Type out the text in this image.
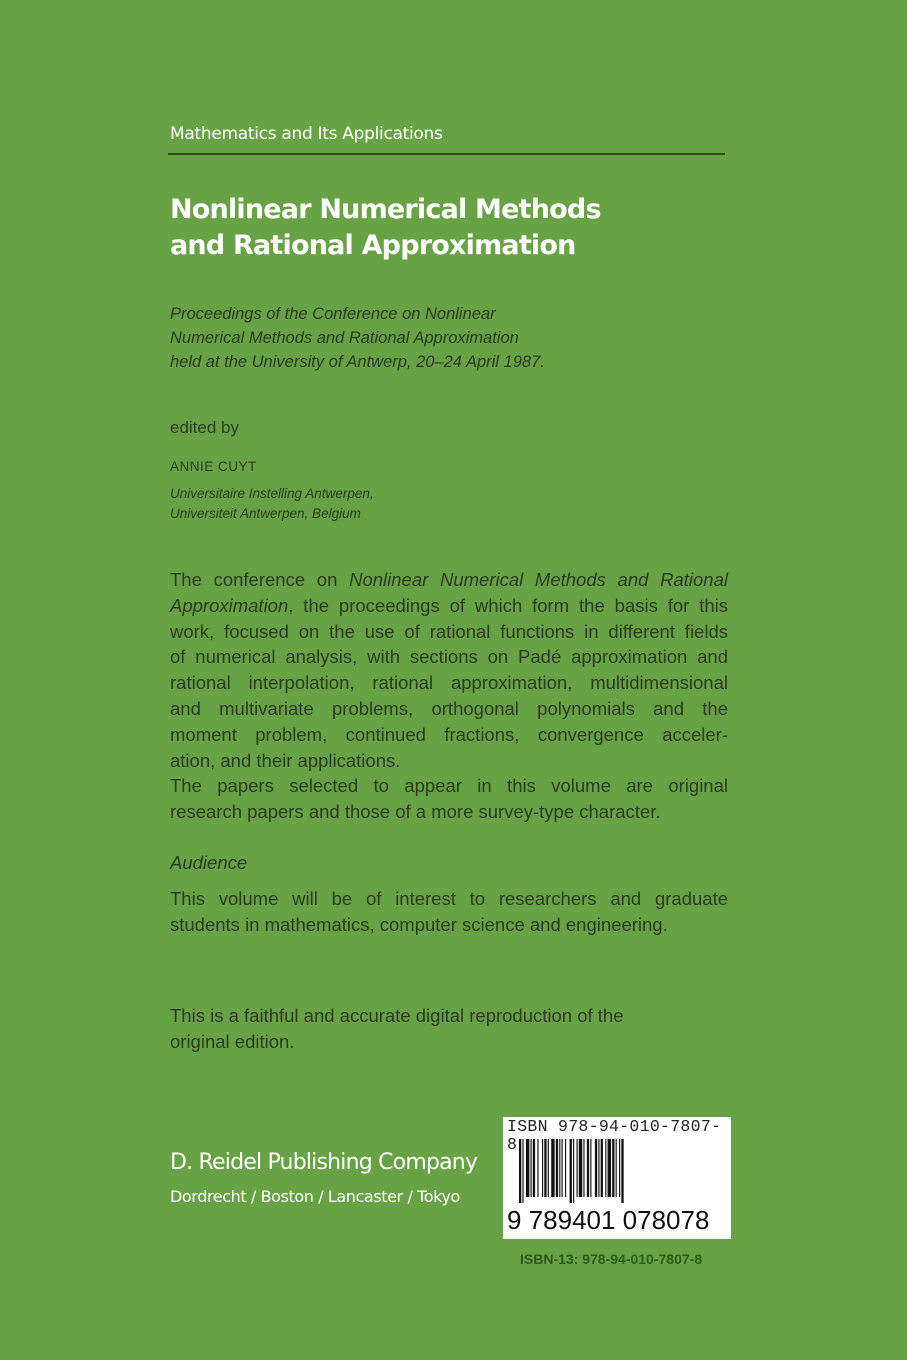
Mathematics and Its Applications
Nonlinear Numerical Methods
and Rational Approximation
Proceedings of the Conference on Nonlinear
Numerical Methods and Rational Approximation
held at the University of Antwerp, 20–24 April 1987.
edited by
ANNIE CUYT
Universitaire Instelling Antwerpen,
Universiteit Antwerpen, Belgium
The conference on Nonlinear Numerical Methods and Rational
Approximation, the proceedings of which form the basis for this
work, focused on the use of rational functions in different fields
of numerical analysis, with sections on Padé approximation and
rational interpolation, rational approximation, multidimensional
and multivariate problems, orthogonal polynomials and the
moment problem, continued fractions, convergence acceler-
ation, and their applications.
The papers selected to appear in this volume are original
research papers and those of a more survey-type character.
Audience
This volume will be of interest to researchers and graduate
students in mathematics, computer science and engineering.
This is a faithful and accurate digital reproduction of the
original edition.
D. Reidel Publishing Company
Dordrecht / Boston / Lancaster / Tokyo
ISBN 978-94-010-7807-8
9 789401 078078
ISBN-13: 978-94-010-7807-8
